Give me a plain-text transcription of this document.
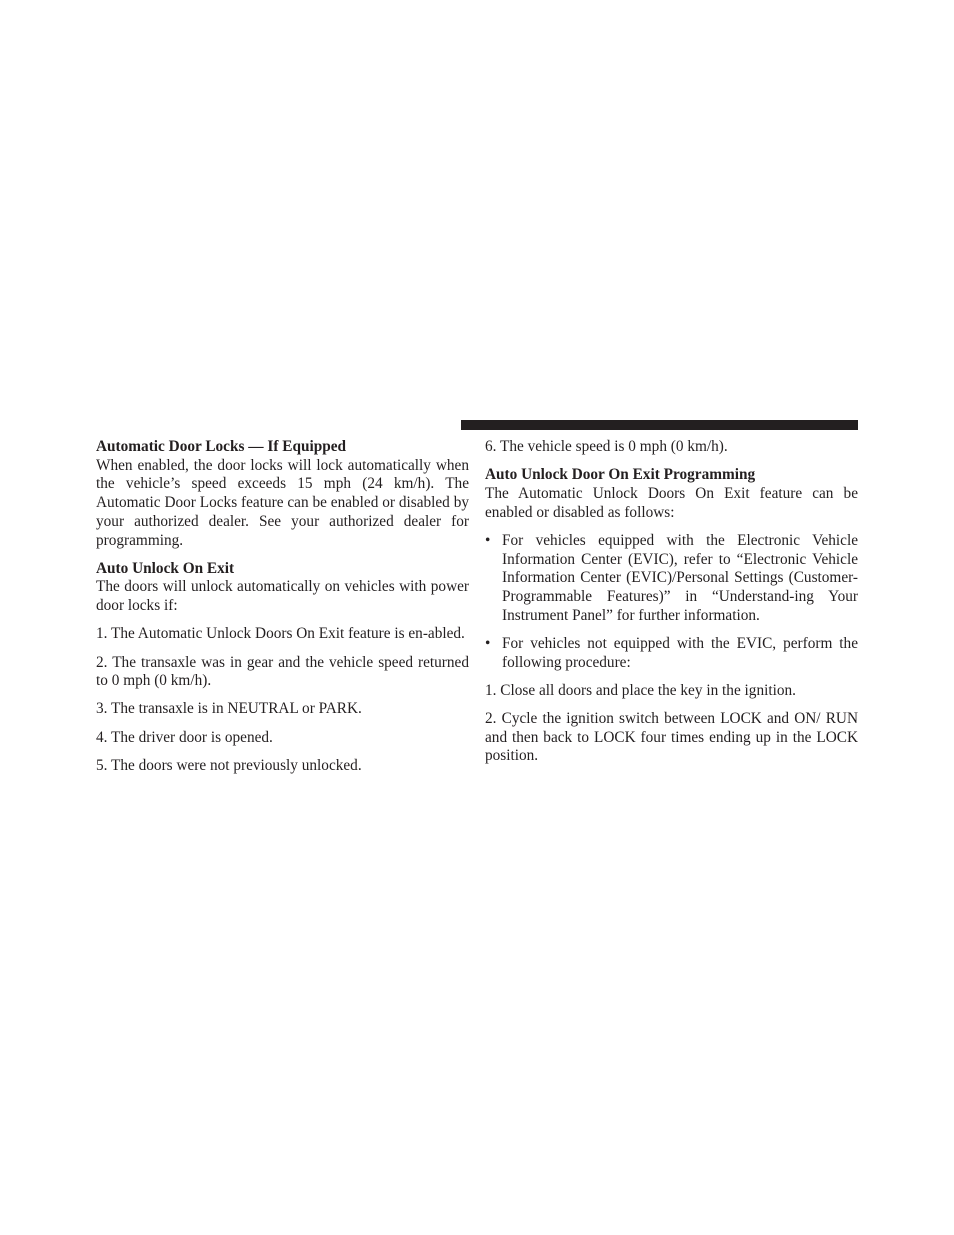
Automatic Door Locks — If Equipped

When enabled, the door locks will lock automatically when the vehicle’s speed exceeds 15 mph (24 km/h). The Automatic Door Locks feature can be enabled or disabled by your authorized dealer. See your authorized dealer for programming.

Auto Unlock On Exit

The doors will unlock automatically on vehicles with power door locks if:

1. The Automatic Unlock Doors On Exit feature is en-abled.

2. The transaxle was in gear and the vehicle speed returned to 0 mph (0 km/h).

3. The transaxle is in NEUTRAL or PARK.

4. The driver door is opened.

5. The doors were not previously unlocked.

6. The vehicle speed is 0 mph (0 km/h).

Auto Unlock Door On Exit Programming

The Automatic Unlock Doors On Exit feature can be enabled or disabled as follows:

• For vehicles equipped with the Electronic Vehicle Information Center (EVIC), refer to “Electronic Vehicle Information Center (EVIC)/Personal Settings (Customer-Programmable Features)” in “Understand-ing Your Instrument Panel” for further information.
• For vehicles not equipped with the EVIC, perform the following procedure:

1. Close all doors and place the key in the ignition.

2. Cycle the ignition switch between LOCK and ON/ RUN and then back to LOCK four times ending up in the LOCK position.
